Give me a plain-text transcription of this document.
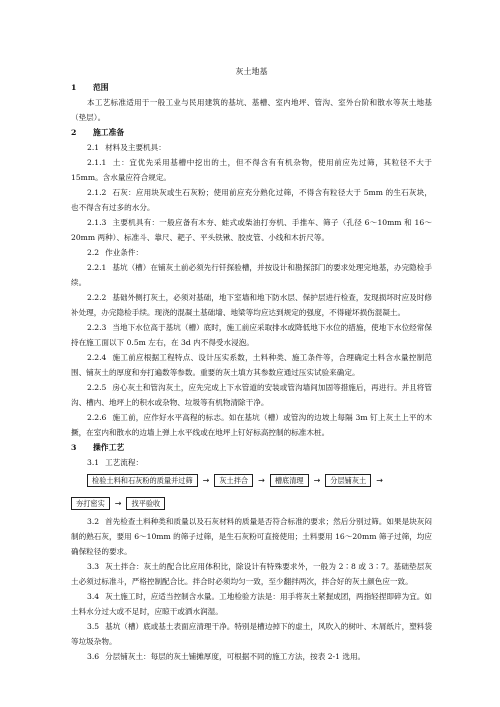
灰土地基
1 范围

本工艺标准适用于一般工业与民用建筑的基坑、基槽、室内地坪、管沟、室外台阶和散水等灰土地基（垫层）。

2 施工准备

2.1 材料及主要机具：

2.1.1 土：宜优先采用基槽中挖出的土，但不得含有有机杂物，使用前应先过筛，其粒径不大于 15mm。含水量应符合规定。

2.1.2 石灰：应用块灰或生石灰粉；使用前应充分熟化过筛，不得含有粒径大于 5mm 的生石灰块，也不得含有过多的水分。

2.1.3 主要机具有：一般应备有木夯、蛙式或柴油打夯机、手推车、筛子（孔径 6～10mm 和 16～20mm 两种）、标准斗、靠尺、耙子、平头铁锹、胶皮管、小线和木折尺等。

2.2 作业条件：

2.2.1 基坑（槽）在铺灰土前必须先行钎探验槽，并按设计和勘探部门的要求处理完地基，办完隐检手续。

2.2.2 基础外侧打灰土，必须对基础，地下室墙和地下防水层、保护层进行检查，发现损坏时应及时修补处理，办完隐检手续。现浇的混凝土基础墙、地梁等均应达到规定的强度，不得碰坏损伤混凝土。

2.2.3 当地下水位高于基坑（槽）底时，施工前应采取排水或降低地下水位的措施，使地下水位经常保持在施工面以下 0.5m 左右，在 3d 内不得受水浸泡。

2.2.4 施工前应根据工程特点、设计压实系数，土料种类、施工条件等，合理确定土料含水量控制范围、铺灰土的厚度和夯打遍数等参数。重要的灰土填方其参数应通过压实试验来确定。

2.2.5 房心灰土和管沟灰土，应先完成上下水管道的安装或管沟墙间加固等措施后，再进行。并且将管沟、槽内、地坪上的积水或杂物、垃圾等有机物清除干净。

2.2.6 施工前，应作好水平高程的标志。如在基坑（槽）或管沟的边坡上每隔 3m 钉上灰土上平的木撅，在室内和散水的边墙上弹上水平线或在地坪上钉好标高控制的标准木桩。

3 操作工艺

3.1 工艺流程：

检验土料和石灰粉的质量并过筛	→	灰土拌合	→	槽底清理	→	分层铺灰土	→
夯打密实	→	找平验收

3.2 首先检查土料种类和质量以及石灰材料的质量是否符合标准的要求；然后分别过筛。如果是块灰闷制的熟石灰，要用 6～10mm 的筛子过筛，是生石灰粉可直接使用；土料要用 16～20mm 筛子过筛，均应确保粒径的要求。

3.3 灰土拌合：灰土的配合比应用体积比，除设计有特殊要求外，一般为 2∶8 或 3∶7。基础垫层灰土必须过标准斗，严格控制配合比。拌合时必须均匀一致，至少翻拌两次，拌合好的灰土颜色应一致。

3.4 灰土施工时，应适当控制含水量。工地检验方法是：用手将灰土紧握成团，两指轻捏即碎为宜。如土料水分过大或不足时，应晾干或洒水润湿。

3.5 基坑（槽）底或基土表面应清理干净。特别是槽边掉下的虚土，风吹入的树叶、木屑纸片，塑料袋等垃圾杂物。

3.6 分层铺灰土：每层的灰土铺摊厚度，可根据不同的施工方法，按表 2-1 选用。
